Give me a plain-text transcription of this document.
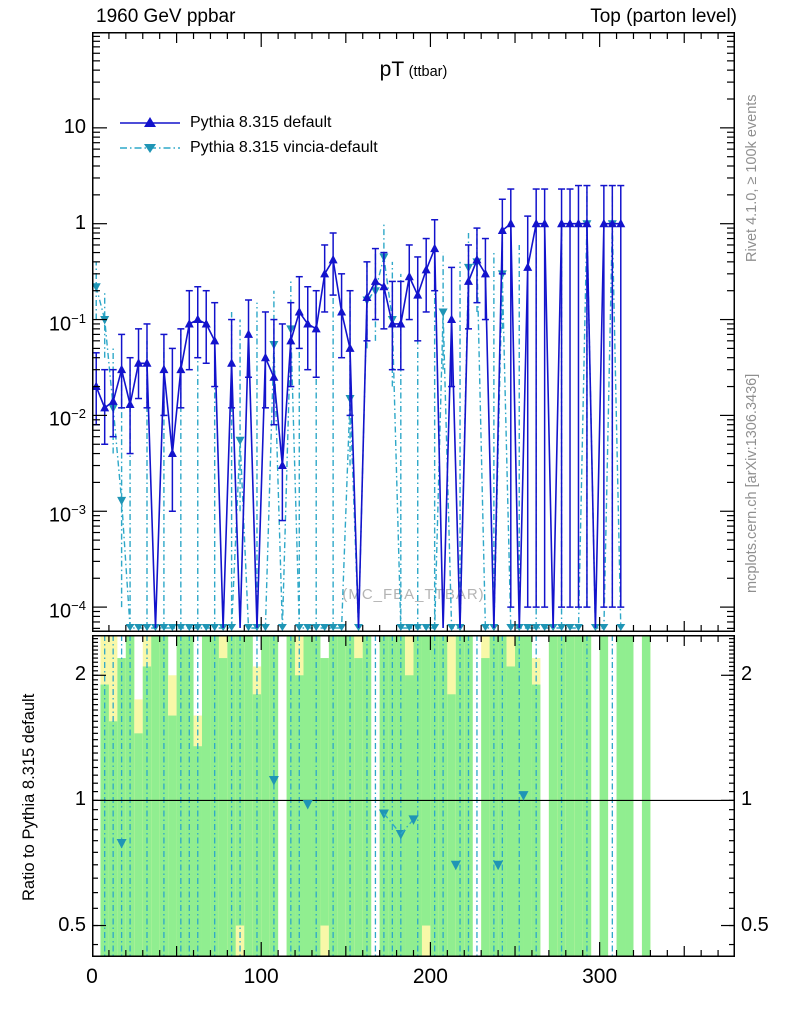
1960 GeV ppbar	Top (parton level)
pT (ttbar)
Pythia 8.315 default
Pythia 8.315 vincia-default	Rivet 4.1.0, ≥ 100k events
mcplots.cern.ch [arXiv:1306.3436]
Ratio to Pythia 8.315 default
(MC_FBA_TTBAR)
10
1
$10^{-1}$
$10^{-2}$
$10^{-3}$
$10^{-4}$
2	2
1	1
0.5	0.5
0	100	200	300
